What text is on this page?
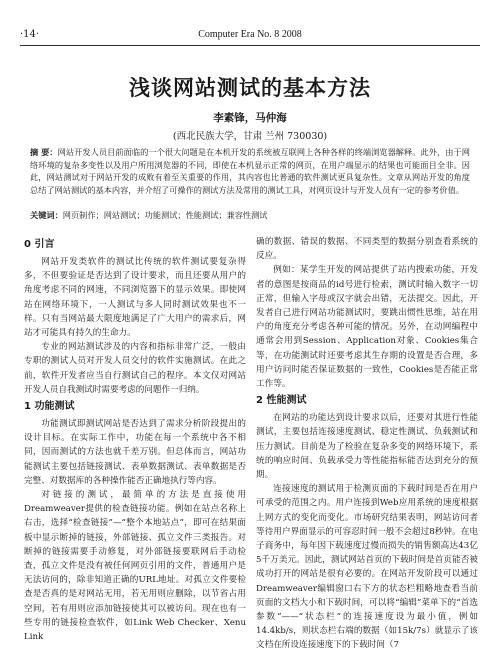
·14·	Computer Era No. 8 2008
浅谈网站测试的基本方法
李素锋，马仲海
(西北民族大学，甘肃 兰州 730030)
摘 要：网站开发人员目前面临的一个很大问题是在本机开发的系统被互联网上各种各样的终端浏览器解释。此外，由于网络环境的复杂多变性以及用户所用浏览器的不同，即使在本机显示正常的网页，在用户端显示的结果也可能面目全非。因此，网站测试对于网站开发的成败有着至关重要的作用，其内容也比普通的软件测试更具复杂性。文章从网站开发的角度总结了网站测试的基本内容，并介绍了可操作的测试方法及常用的测试工具，对网页设计与开发人员有一定的参考价值。
关键词：网页制作；网站测试；功能测试；性能测试；兼容性测试
0 引言

网站开发类软件的测试比传统的软件测试要复杂得多，不但要验证是否达到了设计要求，而且还要从用户的角度考虑不同的网速，不同浏览器下的显示效果。即使网站在网络环境下，一人测试与多人同时测试效果也不一样。只有当网站最大限度地满足了广大用户的需求后，网站才可能具有持久的生命力。

专业的网站测试涉及的内容和指标非常广泛，一般由专职的测试人员对开发人员交付的软件实施测试。在此之前，软件开发者应当自行测试自己的程序。本文仅对网站开发人员自我测试时需要考虑的问题作一归纳。

1 功能测试

功能测试即测试网站是否达到了需求分析阶段提出的设计目标。在实际工作中，功能在每一个系统中各不相同，因而测试的方法也就千差万别。但总体而言，网站功能测试主要包括链接测试、表单数据测试、表单数据是否完整、对数据库的各种操作能否正确地执行等内容。

对链接的测试，最简单的方法是直接使用Dreamweaver提供的检查链接功能。例如在站点名称上右击，选择“检查链接”—“整个本地站点”，即可在结果面板中显示断掉的链接，外部链接、孤立文件三类报告。对断掉的链接需要手动修复，对外部链接要联网后手动检查，孤立文件是没有被任何网页引用的文件，普通用户是无法访问的，除非知道正确的URL地址。对孤立文件要检查是否真的是对网站无用，若无用则应删除，以节省占用空间，若有用则应添加链接使其可以被访问。现在也有一些专用的链接检查软件，如Link Web Checker、Xenu Link

确的数据、错误的数据、不同类型的数据分别查看系统的反应。

例如：某学生开发的网站提供了站内搜索功能，开发者的意图是按商品的id号进行检索，测试时输入数字一切正常，但输入字母或汉字就会出错，无法提交。因此，开发者自己进行网站功能测试时，要跳出惯性思维，站在用户的角度充分考虑各种可能的情况。另外，在动网编程中通常会用到Session、Application对象、Cookies集合等，在功能测试时还要考虑其生存期的设置是否合理，多用户访问时能否保证数据的一致性，Cookies是否能正常工作等。

2 性能测试

在网站的功能达到设计要求以后，还要对其进行性能测试，主要包括连接速度测试、稳定性测试、负载测试和压力测试。目前是为了检验在复杂多变的网络环境下，系统的响应时间、负载承受力等性能指标能否达到充分的预期。

连接速度的测试用于检测页面的下载时间是否在用户可承受的范围之内。用户连接到Web应用系统的速度根据上网方式的变化而变化。市场研究结果表明，网站访问者等待用户界面显示的可容忍时间一般不会超过8秒钟。在电子商务中，每年因下载速度过慢而损失的销售额高达43亿5千万美元。因此，测试网站首页的下载时间是首页能否被成功打开的网站是很有必要的。在网站开发阶段可以通过Dreamweaver编辑窗口右下方的状态栏粗略地查看当前页面的文档大小和下载时间，可以将“编辑”菜单下的“首选参数”——“状态栏”的连接速度设为最小值，例如14.4kb/s，则状态栏右端的数据（如15k/7s）就显示了该文档在所设连接速度下的下载时间（7
